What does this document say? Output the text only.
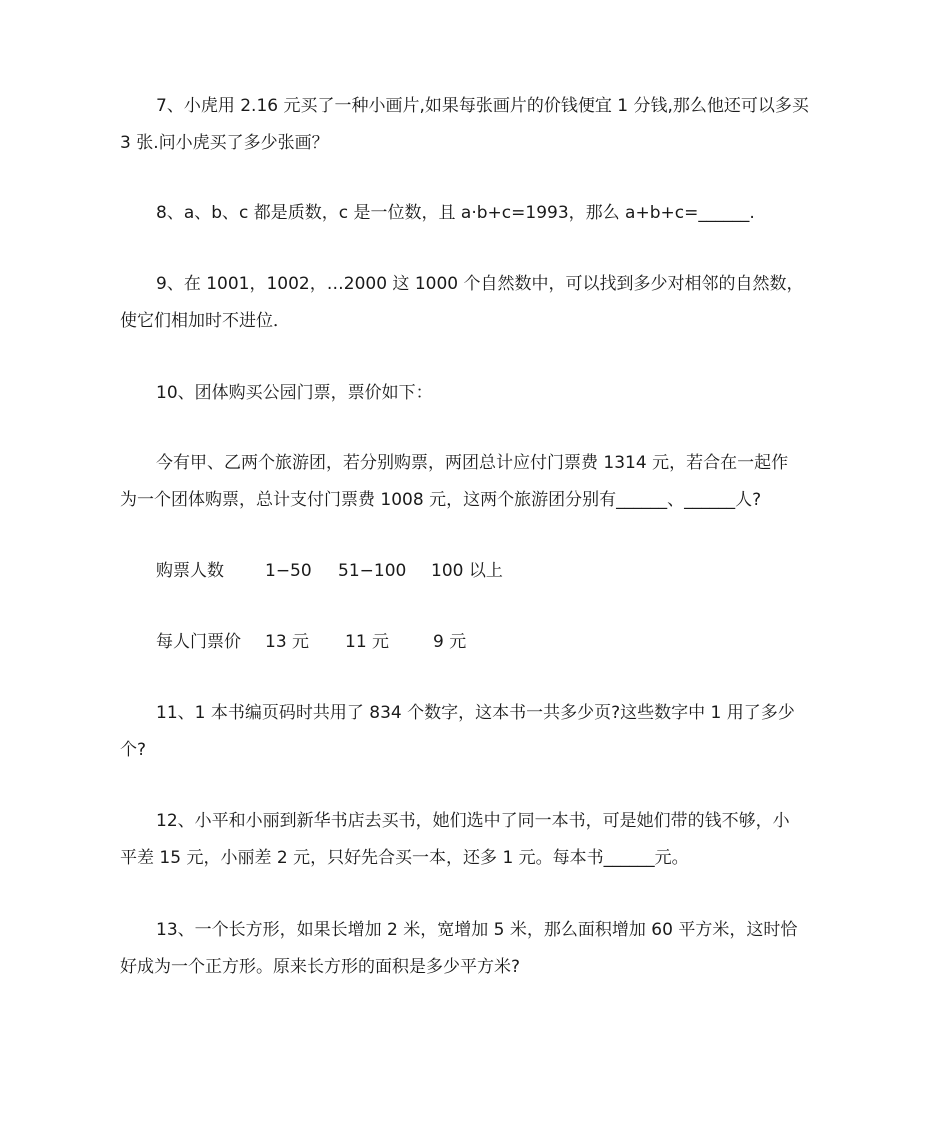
7、小虎用 2.16 元买了一种小画片,如果每张画片的价钱便宜 1 分钱,那么他还可以多买
3 张.问小虎买了多少张画？
8、a、b、c 都是质数，c 是一位数，且 a·b+c=1993，那么 a+b+c=______.
9、在 1001，1002，…2000 这 1000 个自然数中，可以找到多少对相邻的自然数，
使它们相加时不进位．
10、团体购买公园门票，票价如下：
今有甲、乙两个旅游团，若分别购票，两团总计应付门票费 1314 元，若合在一起作
为一个团体购票，总计支付门票费 1008 元，这两个旅游团分别有______、______人?
购票人数 1−50 51−100 100 以上
每人门票价 13 元 11 元	9 元
11、1 本书编页码时共用了 834 个数字，这本书一共多少页?这些数字中 1 用了多少
个?
12、小平和小丽到新华书店去买书，她们选中了同一本书，可是她们带的钱不够，小
平差 15 元，小丽差 2 元，只好先合买一本，还多 1 元。每本书______元。
13、一个长方形，如果长增加 2 米，宽增加 5 米，那么面积增加 60 平方米，这时恰
好成为一个正方形。原来长方形的面积是多少平方米?
